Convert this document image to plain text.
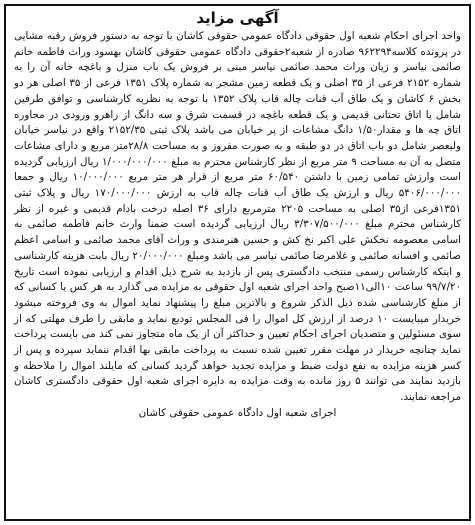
آگهی مزاید

واحد اجرای احکام شعبه اول حقوقی دادگاه عمومی حقوقی کاشان با توجه به دستور فروش رقبه مشایی در پرونده کلاسه۹۶۲۲۹۴ صادره از شعبه۲حقوقی دادگاه عمومی حقوقی کاشان بهسود وراث فاطمه خانم صائمی نیاسر و زیان وراث محمد صائمی نیاسر مبنی بر فروش یک باب منزل و باغچه خانه آن را به شماره ۲۱۵۲ فرعی از ۳۵ اصلی و یک قطعه زمین مشجر به شماره پلاک ۱۳۵۱ فرعی از ۳۵ اصلی هر دو بخش ۶ کاشان و یک طاق آب قنات چاله قاب پلاک ۱۳۵۲ با توجه به نظریه کارشناسی و توافق طرفین شامل یا اتاق تحتانی قدیمی و یک قطعه باغچه در قسمت شرق و سه دانگ از راهرو ورودی در محاوره اتاق چه ها و مقدار۱/۵۰ دانگ مشاعات از پر خیابان می باشد پلاک ثبتی ۲۱۵۲/۳۵ واقع در نیاسر خیابان ولیعصر شامل دو باب اتاق در دو طبقه و به صورت مفروز و به مساحت ۲۸/۸متر مربع و دارای مشاعات متصل به آن به مساحت ۹ متر مربع از نظر کارشناس محترم به مبلغ ۱/۰۰۰/۰۰۰/۰۰۰ ریال ارزیابی گردیده است وارزش تمامی زمین با داشتن ۶۰/۵۴۰ متر مربع از قرار هر متر مربع ۱۰/۰۰۰/۰۰۰ ریال و جمعا ۵۴۰۶/۰۰۰/۰۰۰ ریال و ارزش یک طاق آب قنات چاله قاب به ارزش ۱۷۰/۰۰۰/۰۰۰ ریال و پلاک ثبتی ۱۳۵۱فرعی از۳۵ اصلی به مساحت ۲۲۰۵ مترمربع دارای ۳۶ اصله درخت بادام قدیمی و غیره از نظر کارشناس محترم مبلغ ۳/۳۰۷/۵۰۰/۰۰۰ ریال ارزیابی گردیده است ضمنا وارث خانم فاطمه صائمی به اسامی معصومه نخکش علی اکبر نخ کش و حسین هنرمندی و وراث آقای محمد صائمی و اسامی اعظم صائمی و افسانه صائمی و غلامرضا صائمی نیاسر می باشد ومبلغ ۲۰/۰۰۰/۰۰۰ ریال بابت هزینه کارشناسی و اینکه کارشناس رسمی منتخب دادگستری پس از بازدید به شرح ذیل اقدام و ارزیابی نموده است تاریخ ۹۹/۷/۲۰ ساعت ۱۰الی۱۱صبح واحد اجرای شعبه اول حقوقی به مزایده می گذارد به هر کس یا کسانی که از مبلغ کارشناسی شده ذیل الذکر شروع و بالاترین مبلغ را پیشنهاد نماید اموال به وی فروخته میشود خریدار میبایست ۱۰ درصد از ارزش کل اموال را فی المجلس تودیع نماید و مابقی را طرف مهلتی که از سوی مسئولین و متصدیان اجرای احکام تعیین و حداکثر آن از یک ماه متجاوز نمی کند می بایست پرداخت نماید چنانچه خریدار در مهلت مقرر تعیین شده نسبت به پرداخت مابقی بها اقدام ننماید سپرده و پس از کسر هزینه مزایده به نفع دولت ضبط و مزایده تجدید خواهد گردید کسانی که مایلند اموال را ملاحظه و بازدید نمایند می توانند ۵ روز مانده به وقت مزایده به دایره اجرای شعبه اول حقوقی دادگستری کاشان مراجعه نمایند.

اجرای شعبه اول دادگاه عمومی حقوقی کاشان
